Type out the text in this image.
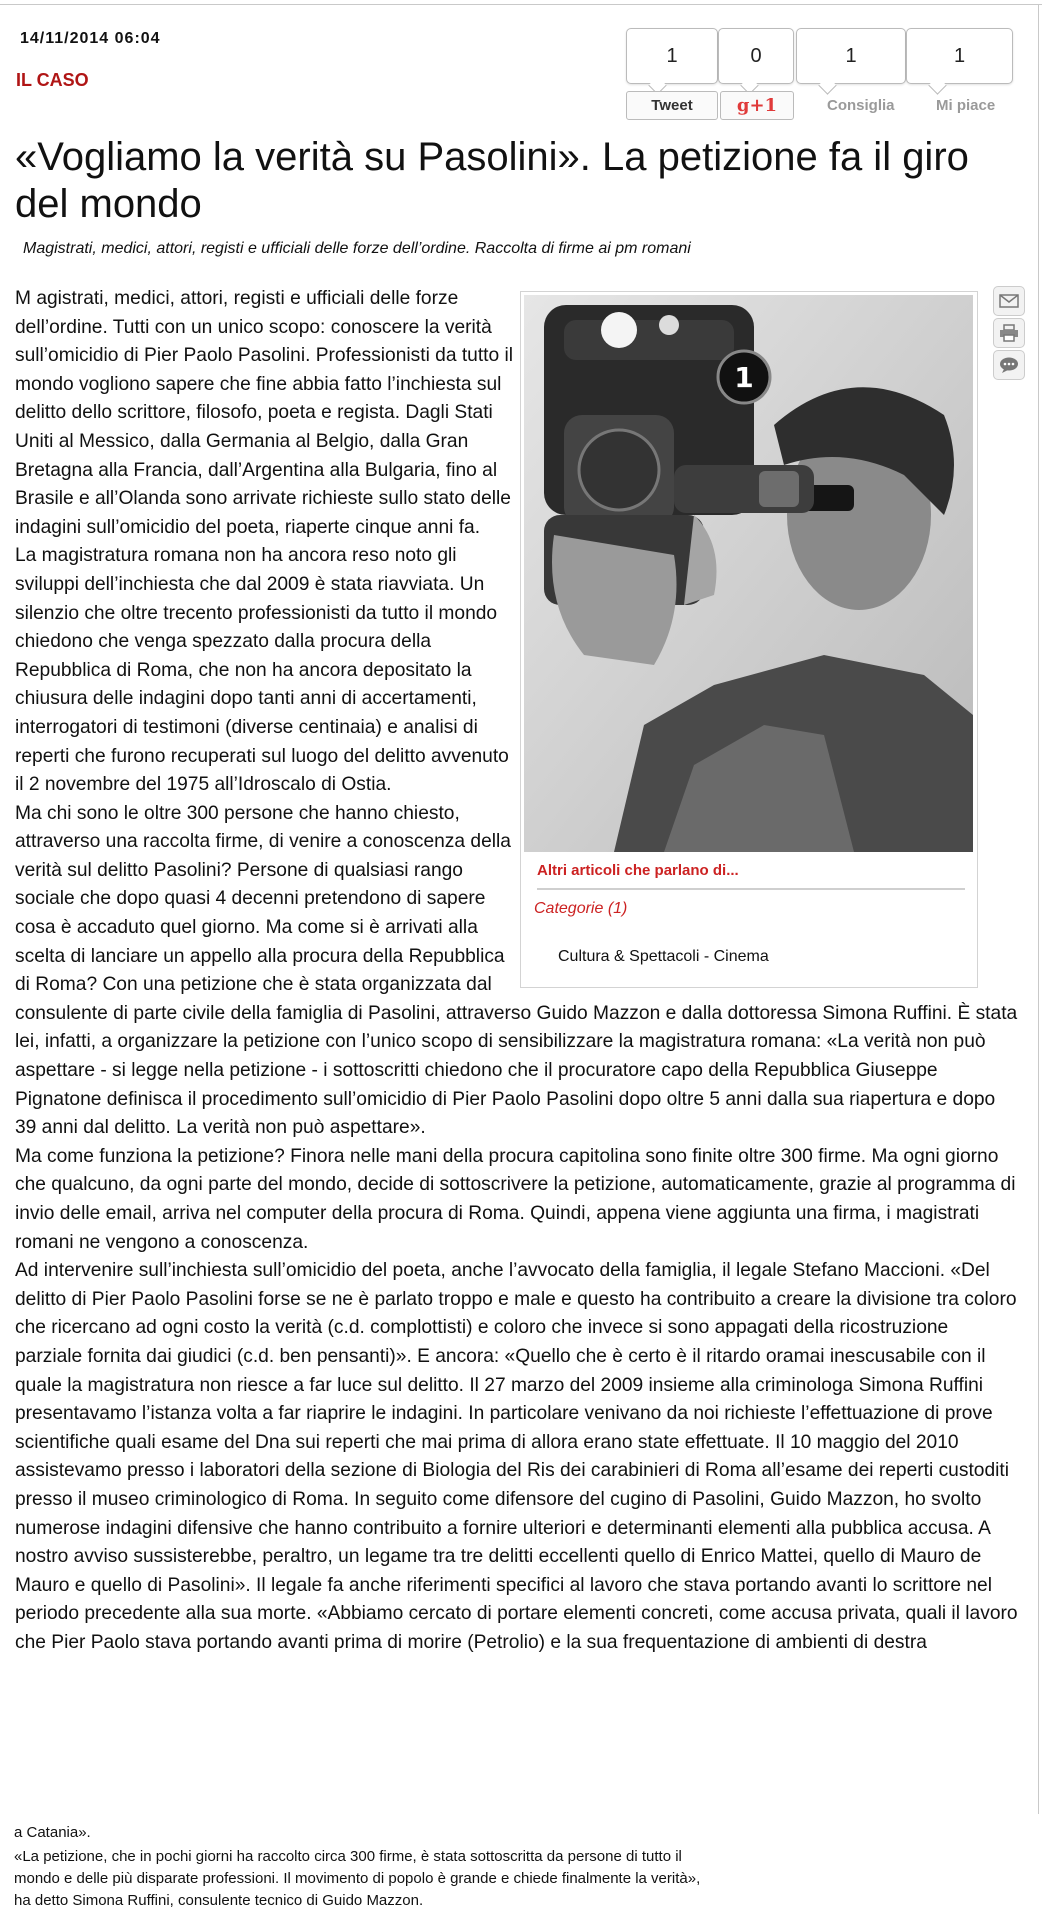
14/11/2014 06:04
IL CASO
1	0	1	1
Tweet	g+1	Consiglia	Mi piace
«Vogliamo la verità su Pasolini». La petizione fa il giro del mondo
Magistrati, medici, attori, registi e ufficiali delle forze dell’ordine. Raccolta di firme ai pm romani
1
Altri articoli che parlano di...
Categorie (1)
Cultura & Spettacoli - Cinema

M agistrati, medici, attori, registi e ufficiali delle forze dell’ordine. Tutti con un unico scopo: conoscere la verità sull’omicidio di Pier Paolo Pasolini. Professionisti da tutto il mondo vogliono sapere che fine abbia fatto l’inchiesta sul delitto dello scrittore, filosofo, poeta e regista. Dagli Stati Uniti al Messico, dalla Germania al Belgio, dalla Gran Bretagna alla Francia, dall’Argentina alla Bulgaria, fino al Brasile e all’Olanda sono arrivate richieste sullo stato delle indagini sull’omicidio del poeta, riaperte cinque anni fa.

La magistratura romana non ha ancora reso noto gli sviluppi dell’inchiesta che dal 2009 è stata riavviata. Un silenzio che oltre trecento professionisti da tutto il mondo chiedono che venga spezzato dalla procura della Repubblica di Roma, che non ha ancora depositato la chiusura delle indagini dopo tanti anni di accertamenti, interrogatori di testimoni (diverse centinaia) e analisi di reperti che furono recuperati sul luogo del delitto avvenuto il 2 novembre del 1975 all’Idroscalo di Ostia.

Ma chi sono le oltre 300 persone che hanno chiesto, attraverso una raccolta firme, di venire a conoscenza della verità sul delitto Pasolini? Persone di qualsiasi rango sociale che dopo quasi 4 decenni pretendono di sapere cosa è accaduto quel giorno. Ma come si è arrivati alla scelta di lanciare un appello alla procura della Repubblica di Roma? Con una petizione che è stata organizzata dal consulente di parte civile della famiglia di Pasolini, attraverso Guido Mazzon e dalla dottoressa Simona Ruffini. È stata lei, infatti, a organizzare la petizione con l’unico scopo di sensibilizzare la magistratura romana: «La verità non può aspettare - si legge nella petizione - i sottoscritti chiedono che il procuratore capo della Repubblica Giuseppe Pignatone definisca il procedimento sull’omicidio di Pier Paolo Pasolini dopo oltre 5 anni dalla sua riapertura e dopo 39 anni dal delitto. La verità non può aspettare».

Ma come funziona la petizione? Finora nelle mani della procura capitolina sono finite oltre 300 firme. Ma ogni giorno che qualcuno, da ogni parte del mondo, decide di sottoscrivere la petizione, automaticamente, grazie al programma di invio delle email, arriva nel computer della procura di Roma. Quindi, appena viene aggiunta una firma, i magistrati romani ne vengono a conoscenza.

Ad intervenire sull’inchiesta sull’omicidio del poeta, anche l’avvocato della famiglia, il legale Stefano Maccioni. «Del delitto di Pier Paolo Pasolini forse se ne è parlato troppo e male e questo ha contribuito a creare la divisione tra coloro che ricercano ad ogni costo la verità (c.d. complottisti) e coloro che invece si sono appagati della ricostruzione parziale fornita dai giudici (c.d. ben pensanti)». E ancora: «Quello che è certo è il ritardo oramai inescusabile con il quale la magistratura non riesce a far luce sul delitto. Il 27 marzo del 2009 insieme alla criminologa Simona Ruffini presentavamo l’istanza volta a far riaprire le indagini. In particolare venivano da noi richieste l’effettuazione di prove scientifiche quali esame del Dna sui reperti che mai prima di allora erano state effettuate. Il 10 maggio del 2010 assistevamo presso i laboratori della sezione di Biologia del Ris dei carabinieri di Roma all’esame dei reperti custoditi presso il museo criminologico di Roma. In seguito come difensore del cugino di Pasolini, Guido Mazzon, ho svolto numerose indagini difensive che hanno contribuito a fornire ulteriori e determinanti elementi alla pubblica accusa. A nostro avviso sussisterebbe, peraltro, un legame tra tre delitti eccellenti quello di Enrico Mattei, quello di Mauro de Mauro e quello di Pasolini». Il legale fa anche riferimenti specifici al lavoro che stava portando avanti lo scrittore nel periodo precedente alla sua morte. «Abbiamo cercato di portare elementi concreti, come accusa privata, quali il lavoro che Pier Paolo stava portando avanti prima di morire (Petrolio) e la sua frequentazione di ambienti di destra

a Catania».
«La petizione, che in pochi giorni ha raccolto circa 300 firme, è stata sottoscritta da persone di tutto il
mondo e delle più disparate professioni. Il movimento di popolo è grande e chiede finalmente la verità»,
ha detto Simona Ruffini, consulente tecnico di Guido Mazzon.
